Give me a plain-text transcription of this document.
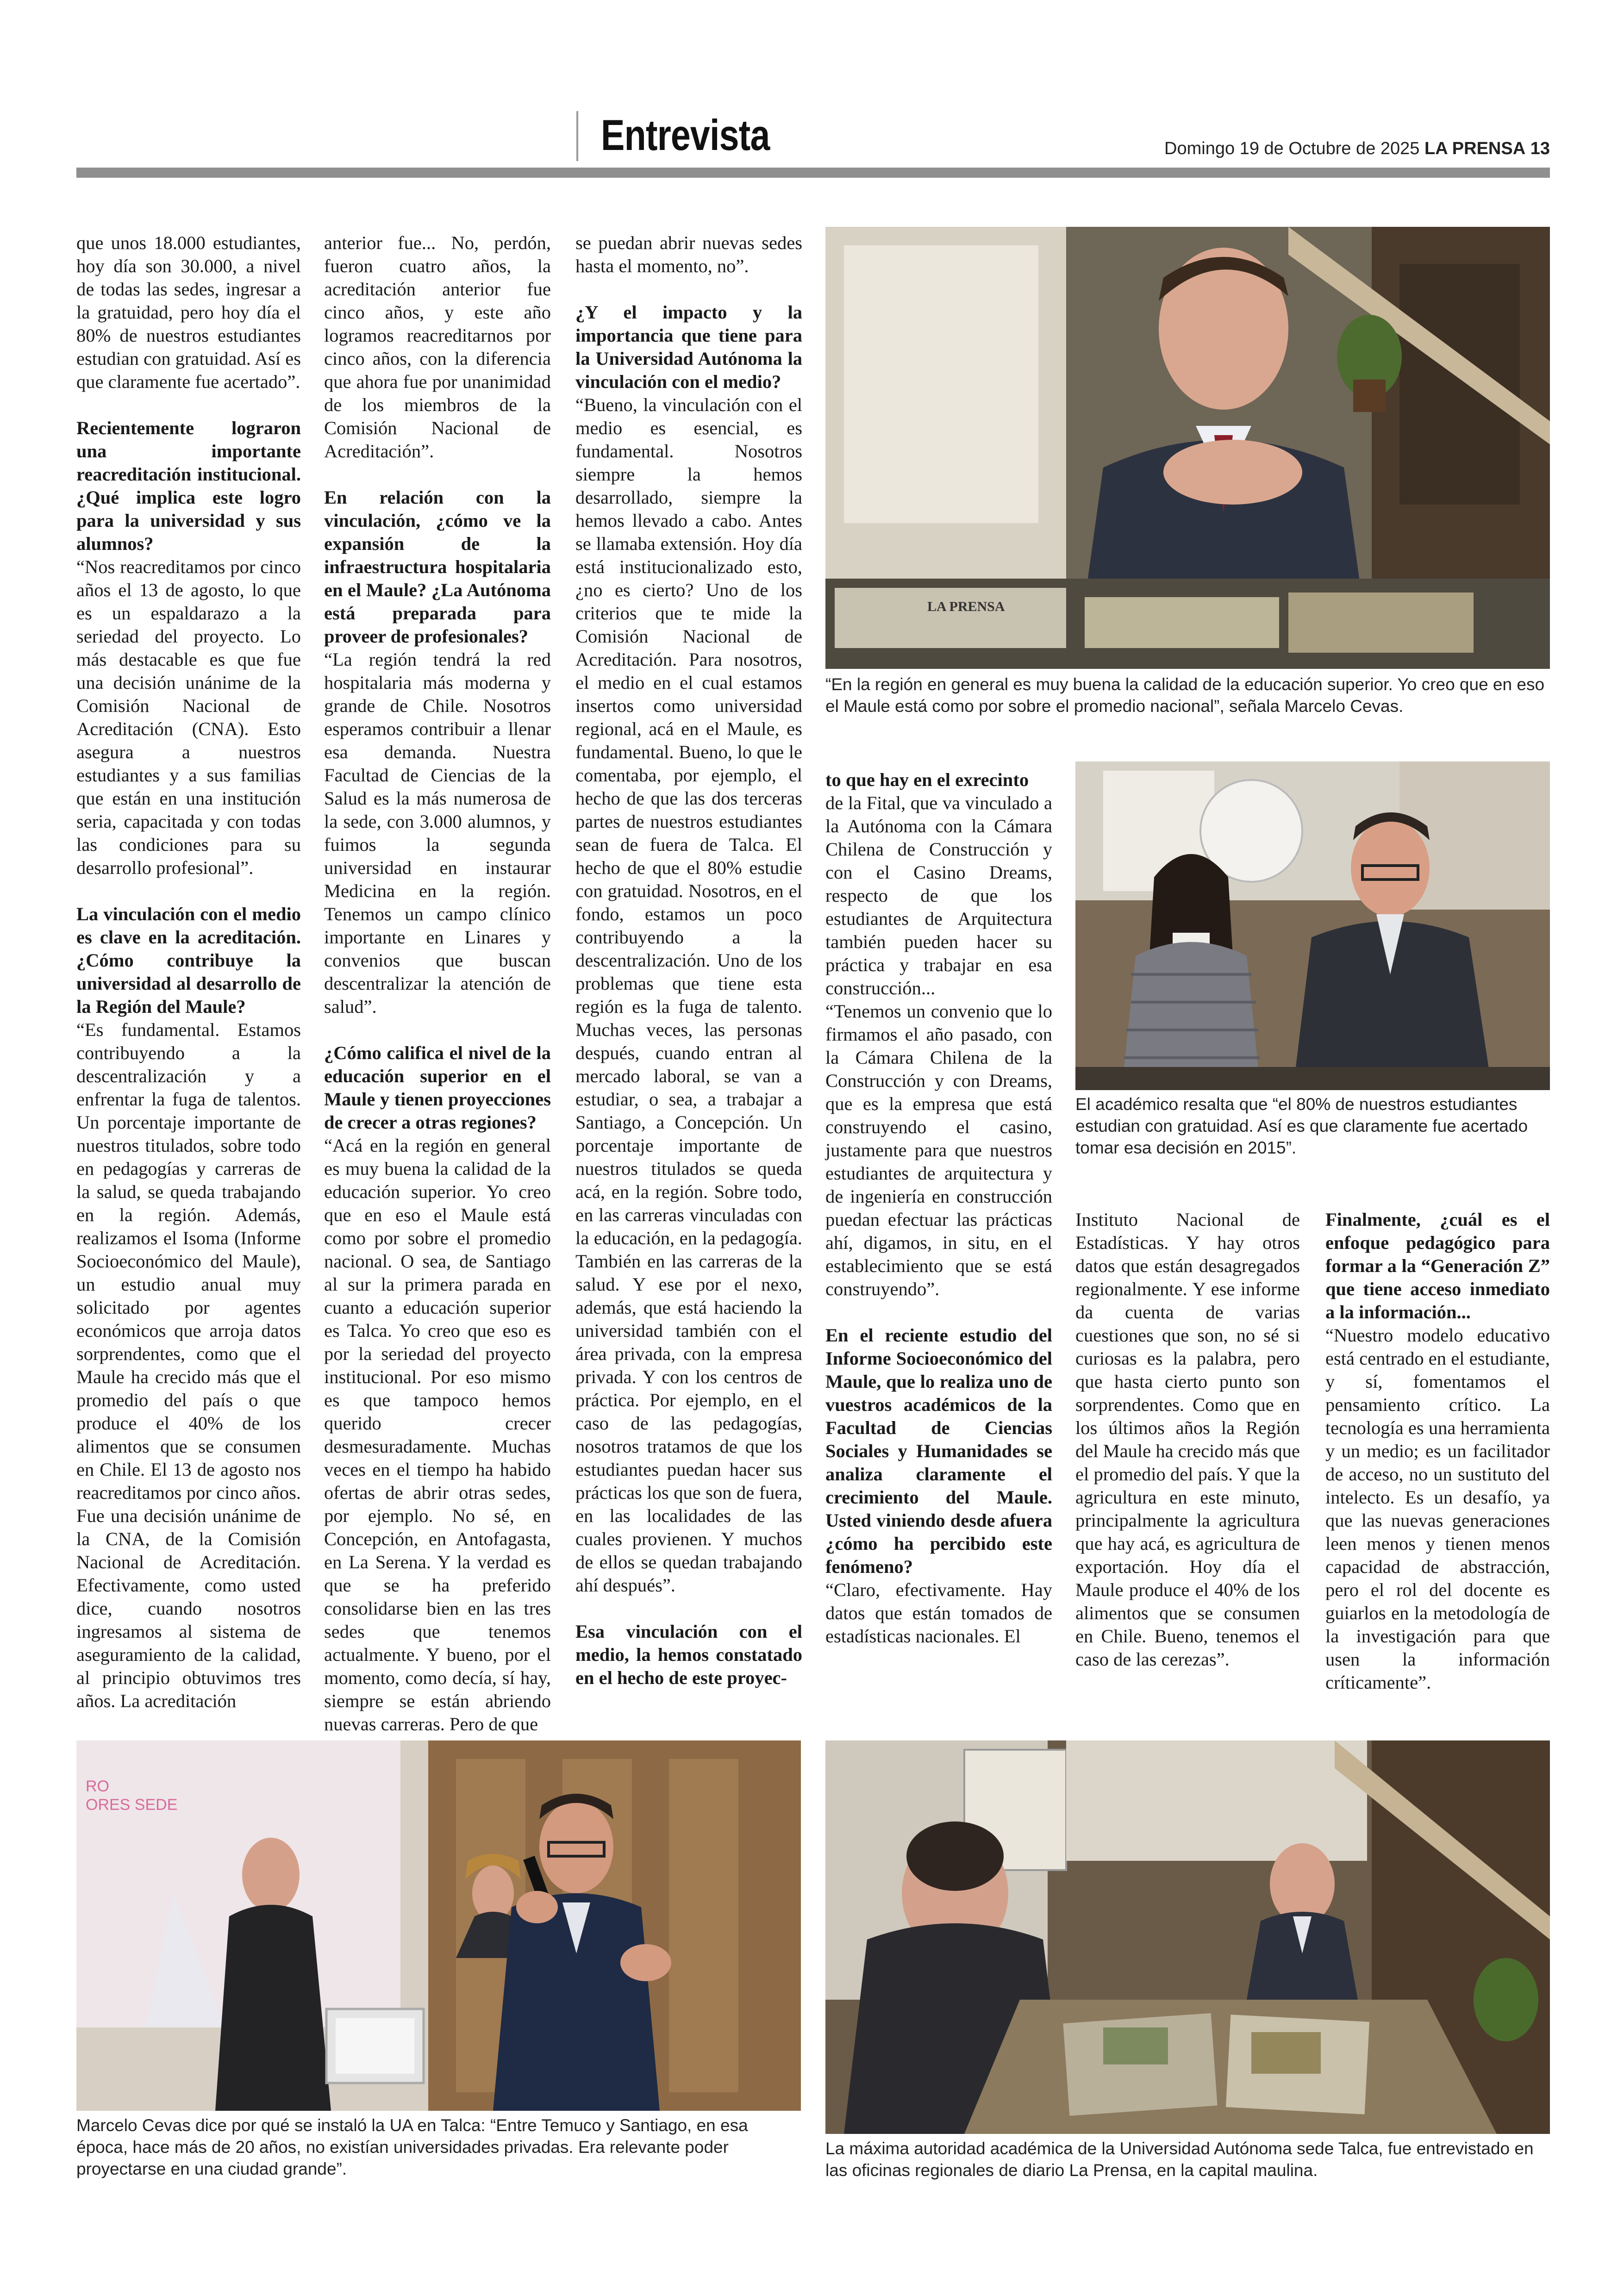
Entrevista	Domingo 19 de Octubre de 2025 LA PRENSA 13

que unos 18.000 estudiantes, hoy día son 30.000, a nivel de todas las sedes, ingresar a la gratuidad, pero hoy día el 80% de nuestros estudiantes estudian con gratuidad. Así es que claramente fue acertado”.

Recientemente lograron una importante reacreditación institucional. ¿Qué implica este logro para la universidad y sus alumnos?
“Nos reacreditamos por cinco años el 13 de agosto, lo que es un espaldarazo a la seriedad del proyecto. Lo más destacable es que fue una decisión unánime de la Comisión Nacional de Acreditación (CNA). Esto asegura a nuestros estudiantes y a sus familias que están en una institución seria, capacitada y con todas las condiciones para su desarrollo profesional”.

La vinculación con el medio es clave en la acreditación. ¿Cómo contribuye la universidad al desarrollo de la Región del Maule?
“Es fundamental. Estamos contribuyendo a la descentralización y a enfrentar la fuga de talentos. Un porcentaje importante de nuestros titulados, sobre todo en pedagogías y carreras de la salud, se queda trabajando en la región. Además, realizamos el Isoma (Informe Socioeconómico del Maule), un estudio anual muy solicitado por agentes económicos que arroja datos sorprendentes, como que el Maule ha crecido más que el promedio del país o que produce el 40% de los alimentos que se consumen en Chile. El 13 de agosto nos reacreditamos por cinco años. Fue una decisión unánime de la CNA, de la Comisión Nacional de Acreditación. Efectivamente, como usted dice, cuando nosotros ingresamos al sistema de aseguramiento de la calidad, al principio obtuvimos tres años. La acreditación

anterior fue... No, perdón, fueron cuatro años, la acreditación anterior fue cinco años, y este año logramos reacreditarnos por cinco años, con la diferencia que ahora fue por unanimidad de los miembros de la Comisión Nacional de Acreditación”.

En relación con la vinculación, ¿cómo ve la expansión de la infraestructura hospitalaria en el Maule? ¿La Autónoma está preparada para proveer de profesionales?
“La región tendrá la red hospitalaria más moderna y grande de Chile. Nosotros esperamos contribuir a llenar esa demanda. Nuestra Facultad de Ciencias de la Salud es la más numerosa de la sede, con 3.000 alumnos, y fuimos la segunda universidad en instaurar Medicina en la región. Tenemos un campo clínico importante en Linares y convenios que buscan descentralizar la atención de salud”.

¿Cómo califica el nivel de la educación superior en el Maule y tienen proyecciones de crecer a otras regiones?
“Acá en la región en general es muy buena la calidad de la educación superior. Yo creo que en eso el Maule está como por sobre el promedio nacional. O sea, de Santiago al sur la primera parada en cuanto a educación superior es Talca. Yo creo que eso es por la seriedad del proyecto institucional. Por eso mismo es que tampoco hemos querido crecer desmesuradamente. Muchas veces en el tiempo ha habido ofertas de abrir otras sedes, por ejemplo. No sé, en Concepción, en Antofagasta, en La Serena. Y la verdad es que se ha preferido consolidarse bien en las tres sedes que tenemos actualmente. Y bueno, por el momento, como decía, sí hay, siempre se están abriendo nuevas carreras. Pero de que

se puedan abrir nuevas sedes hasta el momento, no”.

¿Y el impacto y la importancia que tiene para la Universidad Autónoma la vinculación con el medio?
“Bueno, la vinculación con el medio es esencial, es fundamental. Nosotros siempre la hemos desarrollado, siempre la hemos llevado a cabo. Antes se llamaba extensión. Hoy día está institucionalizado esto, ¿no es cierto? Uno de los criterios que te mide la Comisión Nacional de Acreditación. Para nosotros, el medio en el cual estamos insertos como universidad regional, acá en el Maule, es fundamental. Bueno, lo que le comentaba, por ejemplo, el hecho de que las dos terceras partes de nuestros estudiantes sean de fuera de Talca. El hecho de que el 80% estudie con gratuidad. Nosotros, en el fondo, estamos un poco contribuyendo a la descentralización. Uno de los problemas que tiene esta región es la fuga de talento. Muchas veces, las personas después, cuando entran al mercado laboral, se van a estudiar, o sea, a trabajar a Santiago, a Concepción. Un porcentaje importante de nuestros titulados se queda acá, en la región. Sobre todo, en las carreras vinculadas con la educación, en la pedagogía. También en las carreras de la salud. Y ese por el nexo, además, que está haciendo la universidad también con el área privada, con la empresa privada. Y con los centros de práctica. Por ejemplo, en el caso de las pedagogías, nosotros tratamos de que los estudiantes puedan hacer sus prácticas los que son de fuera, en las localidades de las cuales provienen. Y muchos de ellos se quedan trabajando ahí después”.

Esa vinculación con el medio, la hemos constatado en el hecho de este proyec-

to que hay en el exrecinto
de la Fital, que va vinculado a la Autónoma con la Cámara Chilena de Construcción y con el Casino Dreams, respecto de que los estudiantes de Arquitectura también pueden hacer su práctica y trabajar en esa construcción...

“Tenemos un convenio que lo firmamos el año pasado, con la Cámara Chilena de la Construcción y con Dreams, que es la empresa que está construyendo el casino, justamente para que nuestros estudiantes de arquitectura y de ingeniería en construcción puedan efectuar las prácticas ahí, digamos, in situ, en el establecimiento que se está construyendo”.

En el reciente estudio del Informe Socioeconómico del Maule, que lo realiza uno de vuestros académicos de la Facultad de Ciencias Sociales y Humanidades se analiza claramente el crecimiento del Maule. Usted viniendo desde afuera ¿cómo ha percibido este fenómeno?
“Claro, efectivamente. Hay datos que están tomados de estadísticas nacionales. El

Instituto Nacional de Estadísticas. Y hay otros datos que están desagregados regionalmente. Y ese informe da cuenta de varias cuestiones que son, no sé si curiosas es la palabra, pero que hasta cierto punto son sorprendentes. Como que en los últimos años la Región del Maule ha crecido más que el promedio del país. Y que la agricultura en este minuto, principalmente la agricultura que hay acá, es agricultura de exportación. Hoy día el Maule produce el 40% de los alimentos que se consumen en Chile. Bueno, tenemos el caso de las cerezas”.

Finalmente, ¿cuál es el enfoque pedagógico para formar a la “Generación Z” que tiene acceso inmediato a la información...
“Nuestro modelo educativo está centrado en el estudiante, y sí, fomentamos el pensamiento crítico. La tecnología es una herramienta y un medio; es un facilitador de acceso, no un sustituto del intelecto. Es un desafío, ya que las nuevas generaciones leen menos y tienen menos capacidad de abstracción, pero el rol del docente es guiarlos en la metodología de la investigación para que usen la información críticamente”.

LA PRENSA
“En la región en general es muy buena la calidad de la educación superior. Yo creo que en eso el Maule está como por sobre el promedio nacional”, señala Marcelo Cevas.
El académico resalta que “el 80% de nuestros estudiantes estudian con gratuidad. Así es que claramente fue acertado tomar esa decisión en 2015”.
RO ORES SEDE
Marcelo Cevas dice por qué se instaló la UA en Talca: “Entre Temuco y Santiago, en esa época, hace más de 20 años, no existían universidades privadas. Era relevante poder proyectarse en una ciudad grande”.
La máxima autoridad académica de la Universidad Autónoma sede Talca, fue entrevistado en las oficinas regionales de diario La Prensa, en la capital maulina.
